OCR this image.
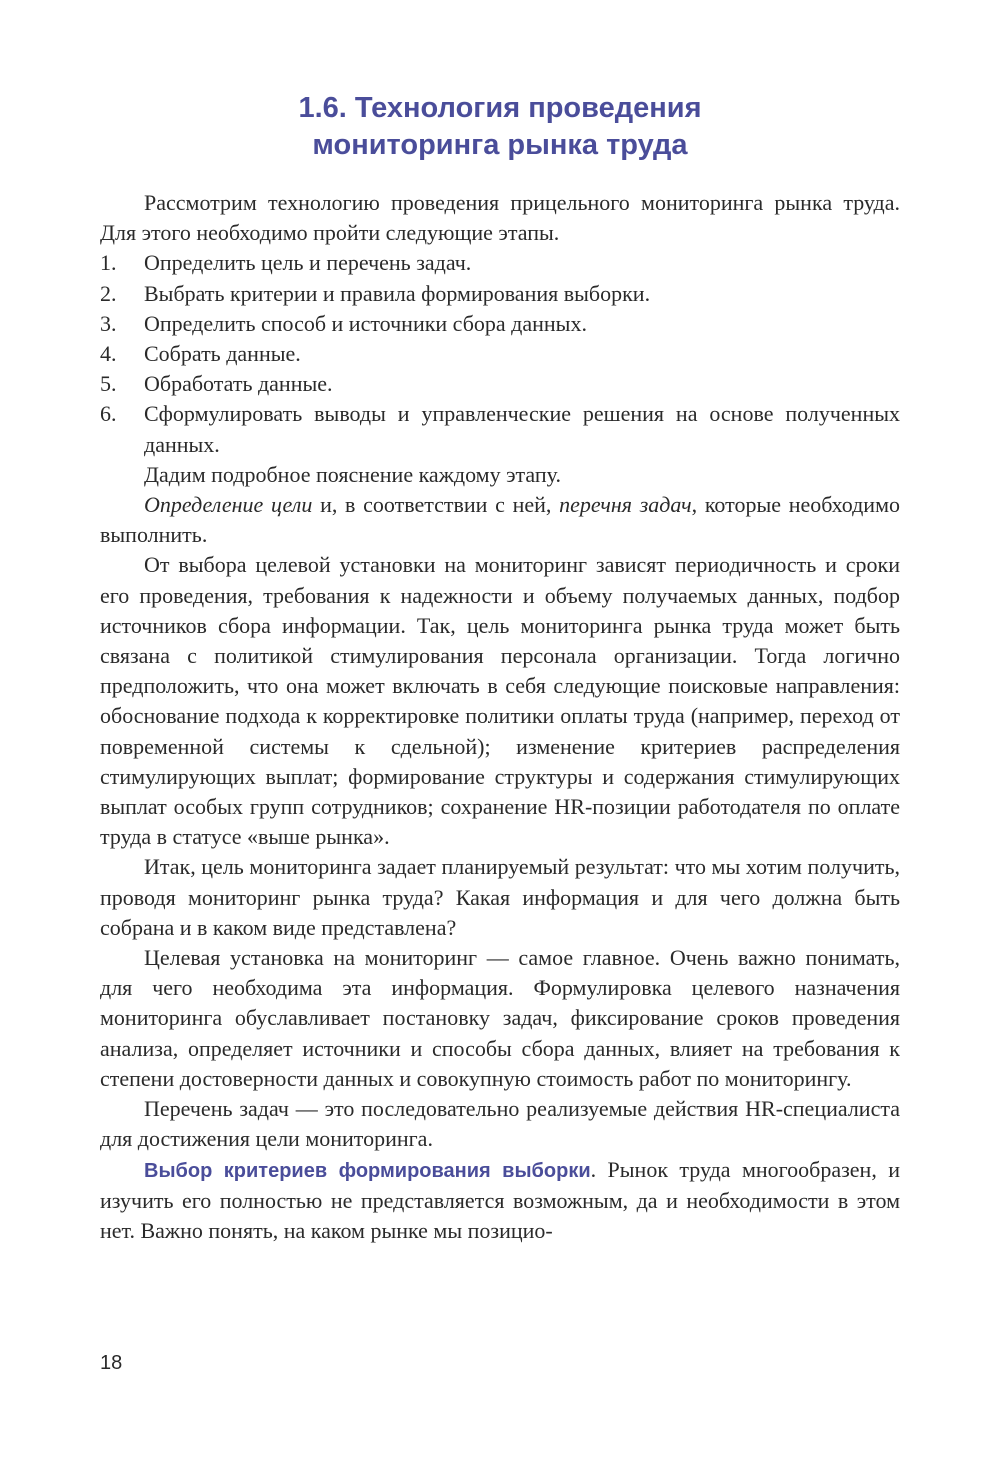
1.6. Технология проведения
мониторинга рынка труда

Рассмотрим технологию проведения прицельного мониторинга рынка труда. Для этого необходимо пройти следующие этапы.

1. Определить цель и перечень задач.
2. Выбрать критерии и правила формирования выборки.
3. Определить способ и источники сбора данных.
4. Собрать данные.
5. Обработать данные.
6. Сформулировать выводы и управленческие решения на основе полученных данных.

Дадим подробное пояснение каждому этапу.

Определение цели и, в соответствии с ней, перечня задач, которые необходимо выполнить.

От выбора целевой установки на мониторинг зависят периодичность и сроки его проведения, требования к надежности и объему получаемых данных, подбор источников сбора информации. Так, цель мониторинга рынка труда может быть связана с политикой стимулирования персонала организации. Тогда логично предположить, что она может включать в себя следующие поисковые направления: обоснование подхода к корректировке политики оплаты труда (например, переход от повременной системы к сдельной); изменение критериев распределения стимулирующих выплат; формирование структуры и содержания стимулирующих выплат особых групп сотрудников; сохранение HR-позиции работодателя по оплате труда в статусе «выше рынка».

Итак, цель мониторинга задает планируемый результат: что мы хотим получить, проводя мониторинг рынка труда? Какая информация и для чего должна быть собрана и в каком виде представлена?

Целевая установка на мониторинг — самое главное. Очень важно понимать, для чего необходима эта информация. Формулировка целевого назначения мониторинга обуславливает постановку задач, фиксирование сроков проведения анализа, определяет источники и способы сбора данных, влияет на требования к степени достоверности данных и совокупную стоимость работ по мониторингу.

Перечень задач — это последовательно реализуемые действия HR-специалиста для достижения цели мониторинга.

Выбор критериев формирования выборки. Рынок труда многообразен, и изучить его полностью не представляется возможным, да и необходимости в этом нет. Важно понять, на каком рынке мы позицио-

18
